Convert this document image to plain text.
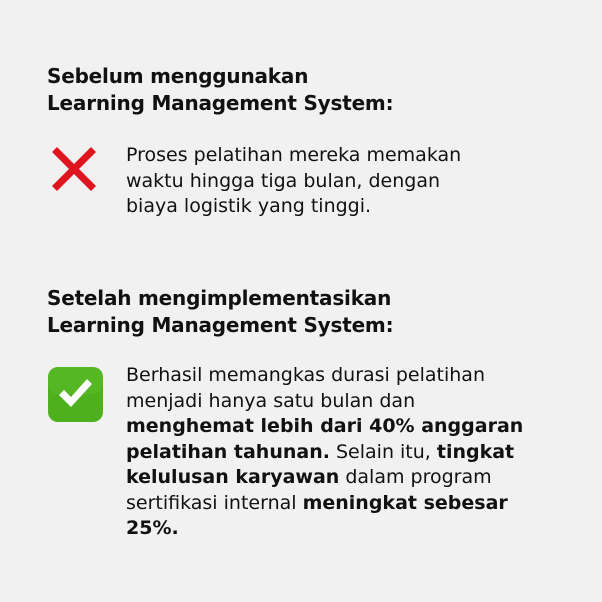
Sebelum menggunakan
Learning Management System:
Proses pelatihan mereka memakan
waktu hingga tiga bulan, dengan
biaya logistik yang tinggi.
Setelah mengimplementasikan
Learning Management System:
Berhasil memangkas durasi pelatihan
menjadi hanya satu bulan dan
menghemat lebih dari 40% anggaran
pelatihan tahunan. Selain itu, tingkat
kelulusan karyawan dalam program
sertifikasi internal meningkat sebesar
25%.
